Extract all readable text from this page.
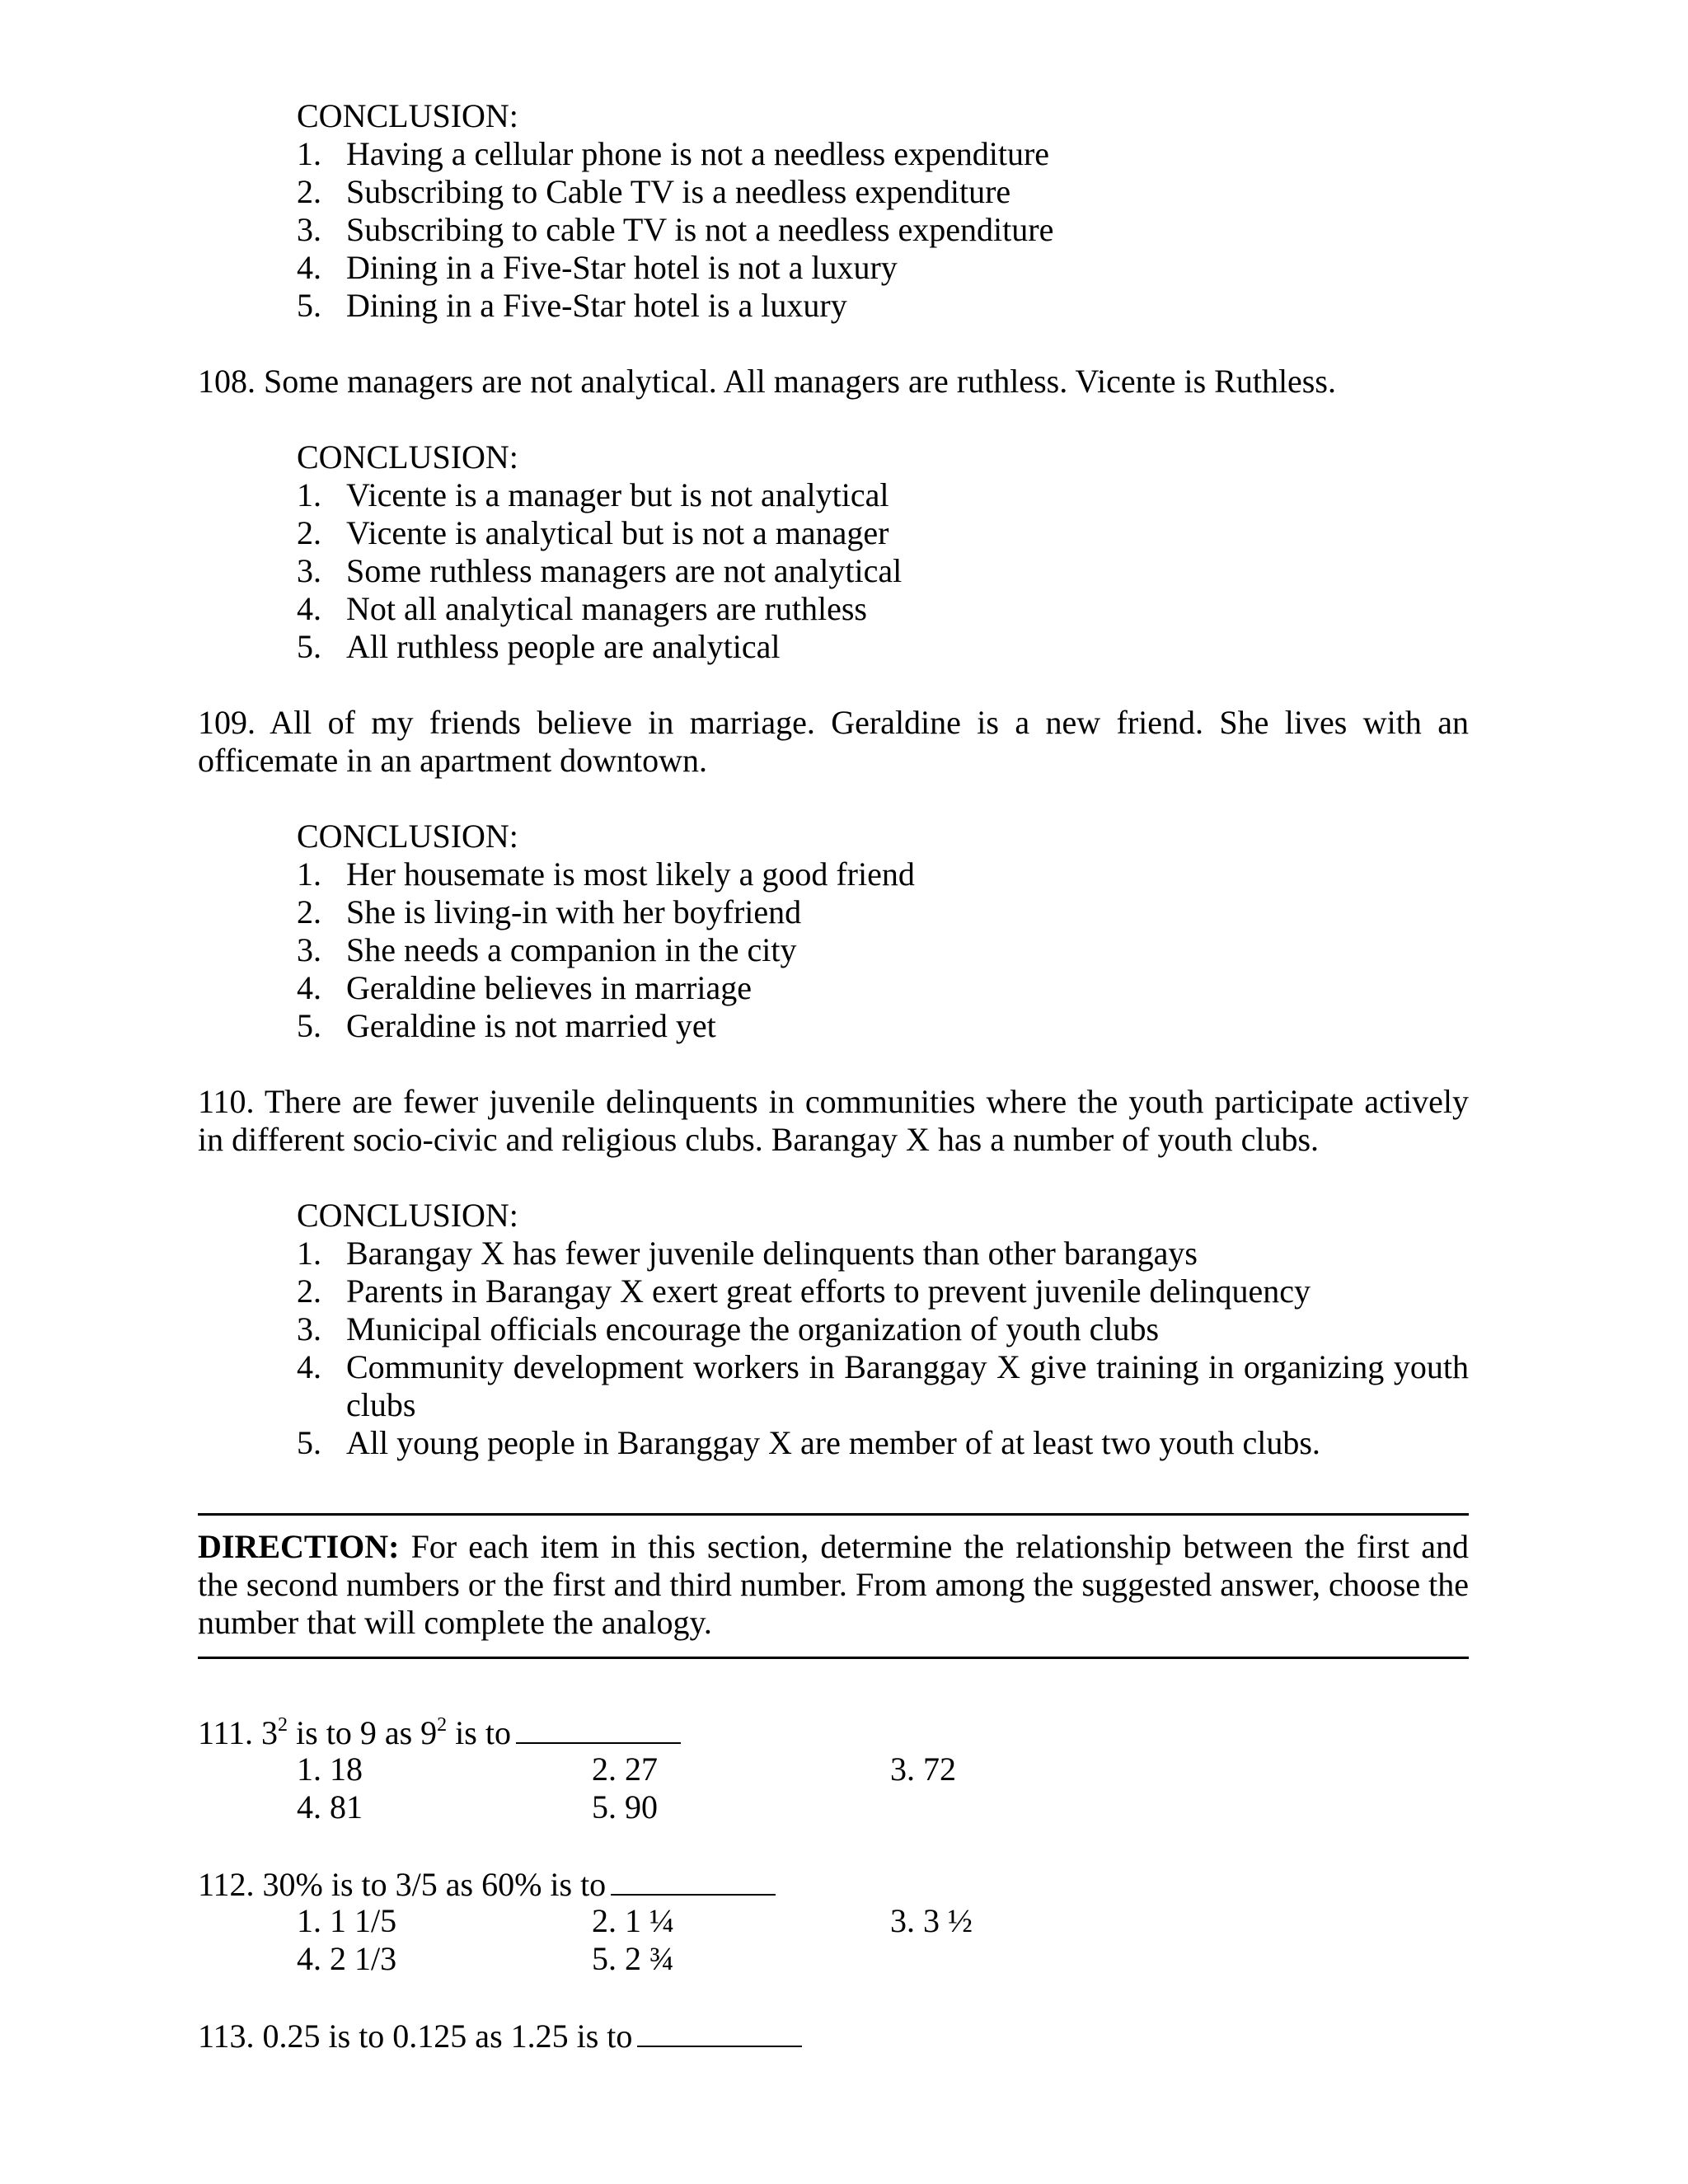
CONCLUSION:
1. Having a cellular phone is not a needless expenditure
2. Subscribing to Cable TV is a needless expenditure
3. Subscribing to cable TV is not a needless expenditure
4. Dining in a Five-Star hotel is not a luxury
5. Dining in a Five-Star hotel is a luxury
108. Some managers are not analytical. All managers are ruthless. Vicente is Ruthless.
CONCLUSION:
1. Vicente is a manager but is not analytical
2. Vicente is analytical but is not a manager
3. Some ruthless managers are not analytical
4. Not all analytical managers are ruthless
5. All ruthless people are analytical
109. All of my friends believe in marriage. Geraldine is a new friend. She lives with an officemate in an apartment downtown.
CONCLUSION:
1. Her housemate is most likely a good friend
2. She is living-in with her boyfriend
3. She needs a companion in the city
4. Geraldine believes in marriage
5. Geraldine is not married yet
110. There are fewer juvenile delinquents in communities where the youth participate actively in different socio-civic and religious clubs. Barangay X has a number of youth clubs.
CONCLUSION:
1. Barangay X has fewer juvenile delinquents than other barangays
2. Parents in Barangay X exert great efforts to prevent juvenile delinquency
3. Municipal officials encourage the organization of youth clubs
4. Community development workers in Baranggay X give training in organizing youth clubs
5. All young people in Baranggay X are member of at least two youth clubs.
DIRECTION: For each item in this section, determine the relationship between the first and the second numbers or the first and third number. From among the suggested answer, choose the number that will complete the analogy.
111. $3^2$ is to 9 as $9^2$ is to
1. 18	2. 27	3. 72
4. 81	5. 90
112. 30% is to 3/5 as 60% is to
1. 1 1/5	2. 1 ¼	3. 3 ½
4. 2 1/3	5. 2 ¾
113. 0.25 is to 0.125 as 1.25 is to
